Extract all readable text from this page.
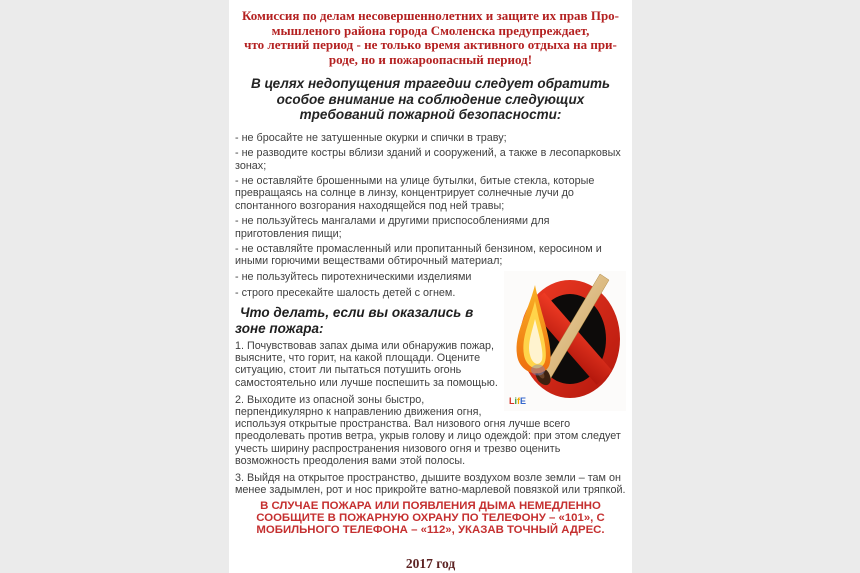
Комиссия по делам несовершеннолетних и защите их прав Про-
мышленого района города Смоленска предупреждает,
что летний период - не только время активного отдыха на при-
роде, но и пожароопасный период!
В целях недопущения трагедии следует обратить
особое внимание на соблюдение следующих
требований пожарной безопасности:

- не бросайте не затушенные окурки и спички в траву;

- не разводите костры вблизи зданий и сооружений, а также в лесопарковых зонах;

- не оставляйте брошенными на улице бутылки, битые стекла, которые превращаясь на солнце в линзу, концентрирует солнечные лучи до спонтанного возгорания находящейся под ней травы;

- не пользуйтесь мангалами и другими приспособлениями для приготовления пищи;

- не оставляйте промасленный или пропитанный бензином, керосином и иными горючими веществами обтирочный материал;

LifE

- не пользуйтесь пиротехническими изделиями

- строго пресекайте шалость детей с огнем.

Что делать, если вы оказались в зоне пожара:

1. Почувствовав запах дыма или обнаружив пожар, выясните, что горит, на какой площади. Оцените ситуацию, стоит ли пытаться потушить огонь самостоятельно или лучше поспешить за помощью.

2. Выходите из опасной зоны быстро, перпендикулярно к направлению движения огня, используя открытые пространства. Вал низового огня лучше всего преодолевать против ветра, укрыв голову и лицо одеждой: при этом следует учесть ширину распространения низового огня и трезво оценить возможность преодоления вами этой полосы.

3. Выйдя на открытое пространство, дышите воздухом возле земли – там он менее задымлен, рот и нос прикройте ватно-марлевой повязкой или тряпкой.

В СЛУЧАЕ ПОЖАРА ИЛИ ПОЯВЛЕНИЯ ДЫМА НЕМЕДЛЕННО
СООБЩИТЕ В ПОЖАРНУЮ ОХРАНУ ПО ТЕЛЕФОНУ – «101», С
МОБИЛЬНОГО ТЕЛЕФОНА – «112», УКАЗАВ ТОЧНЫЙ АДРЕС.
2017 год
